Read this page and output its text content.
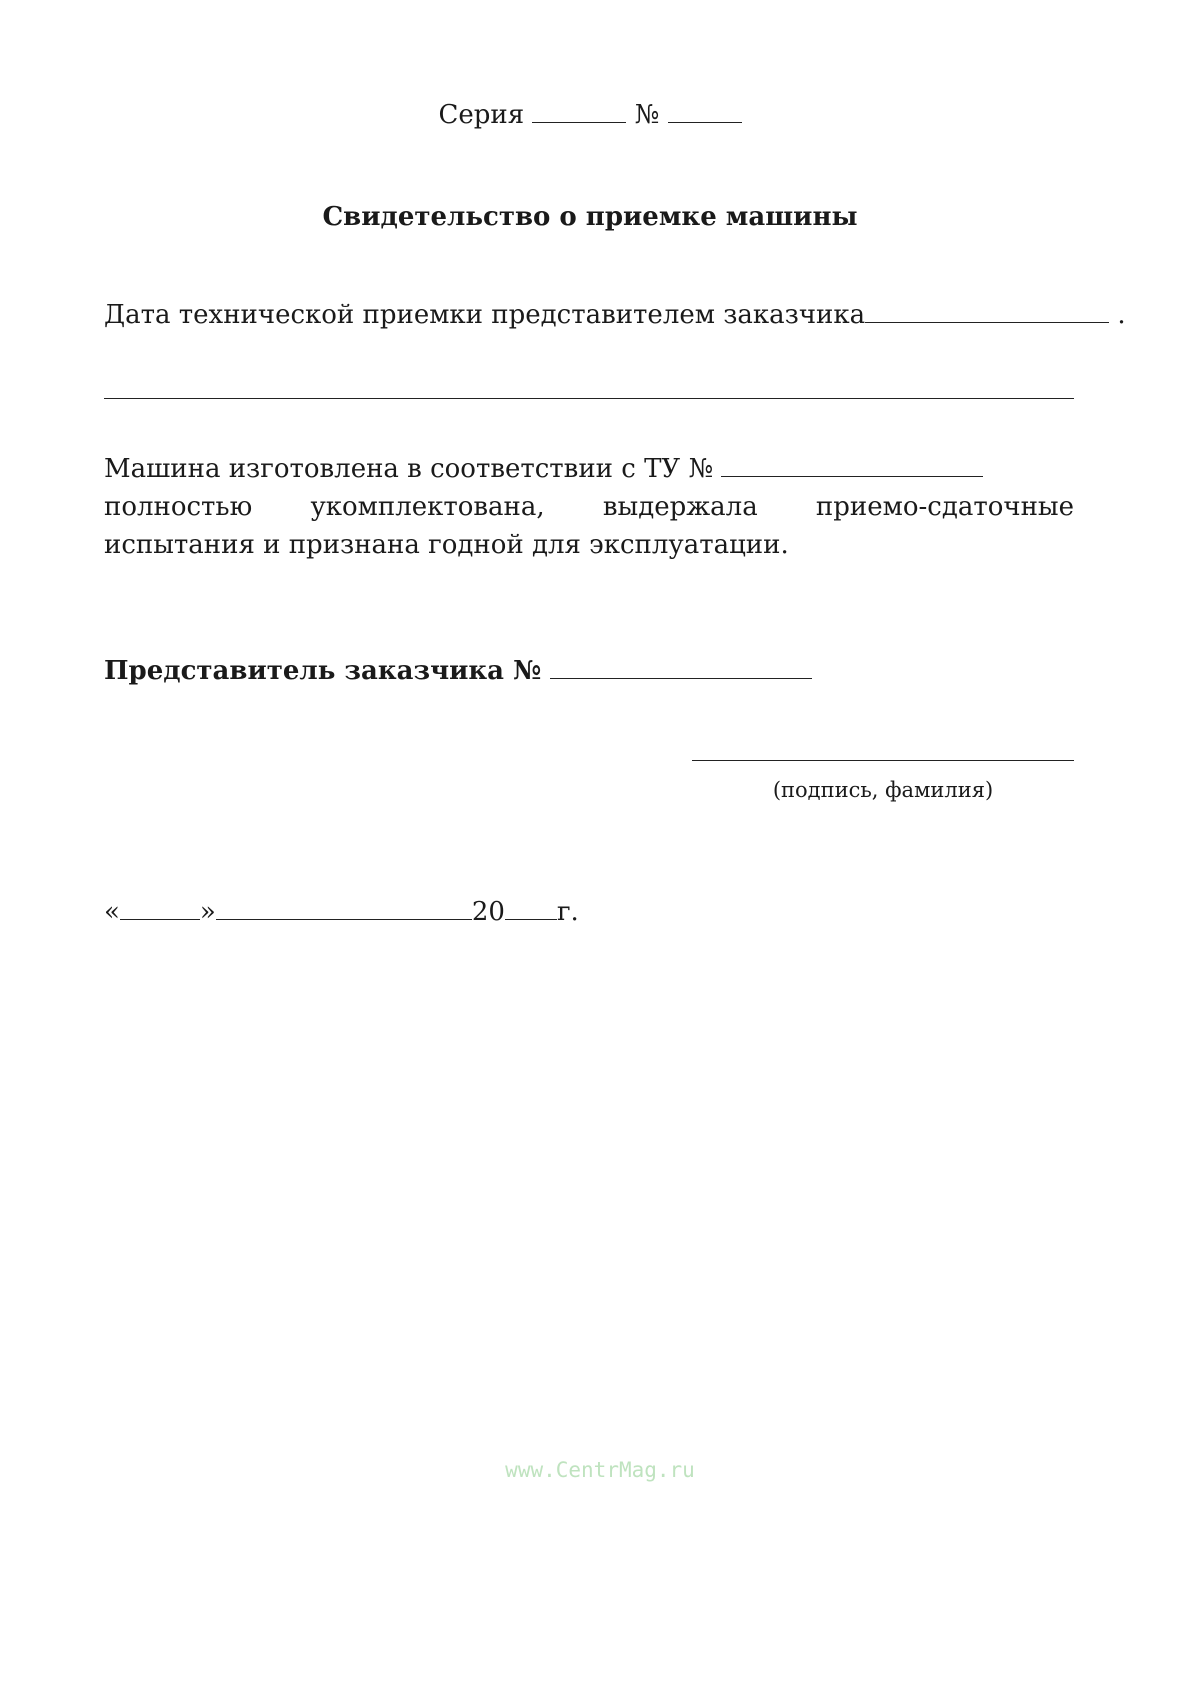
Серия	№
Свидетельство о приемке машины
Дата технической приемки представителем заказчика	.

Машина изготовлена в соответствии с ТУ №

полностью укомплектована, выдержала приемо-сдаточные испытания и признана годной для эксплуатации.

Представитель заказчика №
(подпись, фамилия)
«	»	20 г.
www.CentrMag.ru
